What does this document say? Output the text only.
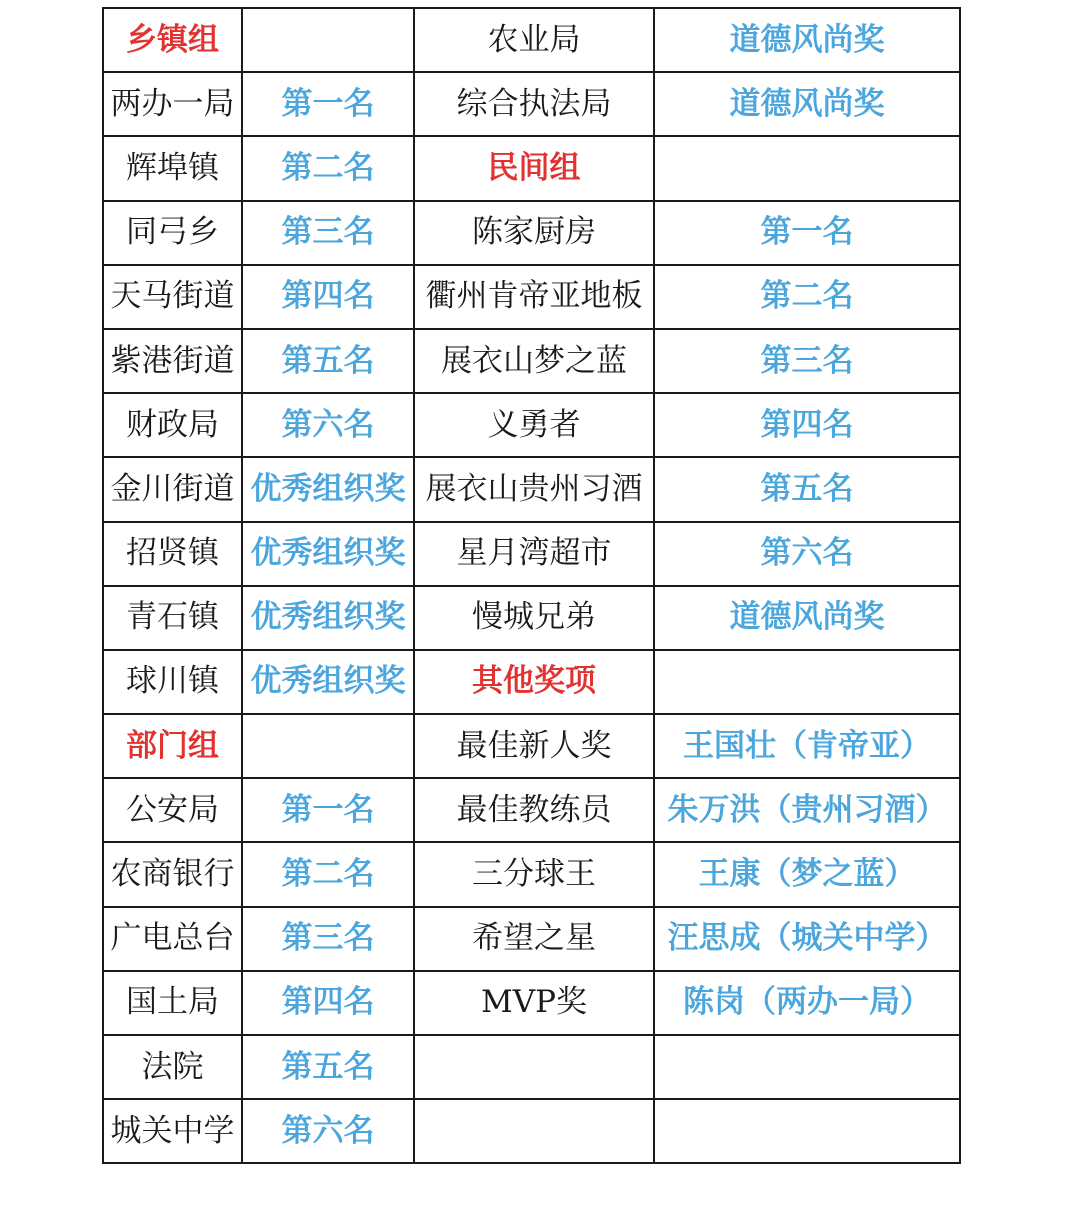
乡镇组		农业局	道德风尚奖
两办一局	第一名	综合执法局	道德风尚奖
辉埠镇	第二名	民间组	
同弓乡	第三名	陈家厨房	第一名
天马街道	第四名	衢州肯帝亚地板	第二名
紫港街道	第五名	展衣山梦之蓝	第三名
财政局	第六名	义勇者	第四名
金川街道	优秀组织奖	展衣山贵州习酒	第五名
招贤镇	优秀组织奖	星月湾超市	第六名
青石镇	优秀组织奖	慢城兄弟	道德风尚奖
球川镇	优秀组织奖	其他奖项	
部门组		最佳新人奖	王国壮（肯帝亚）
公安局	第一名	最佳教练员	朱万洪（贵州习酒）
农商银行	第二名	三分球王	王康（梦之蓝）
广电总台	第三名	希望之星	汪思成（城关中学）
国土局	第四名	MVP奖	陈岗（两办一局）
法院	第五名		
城关中学	第六名		
